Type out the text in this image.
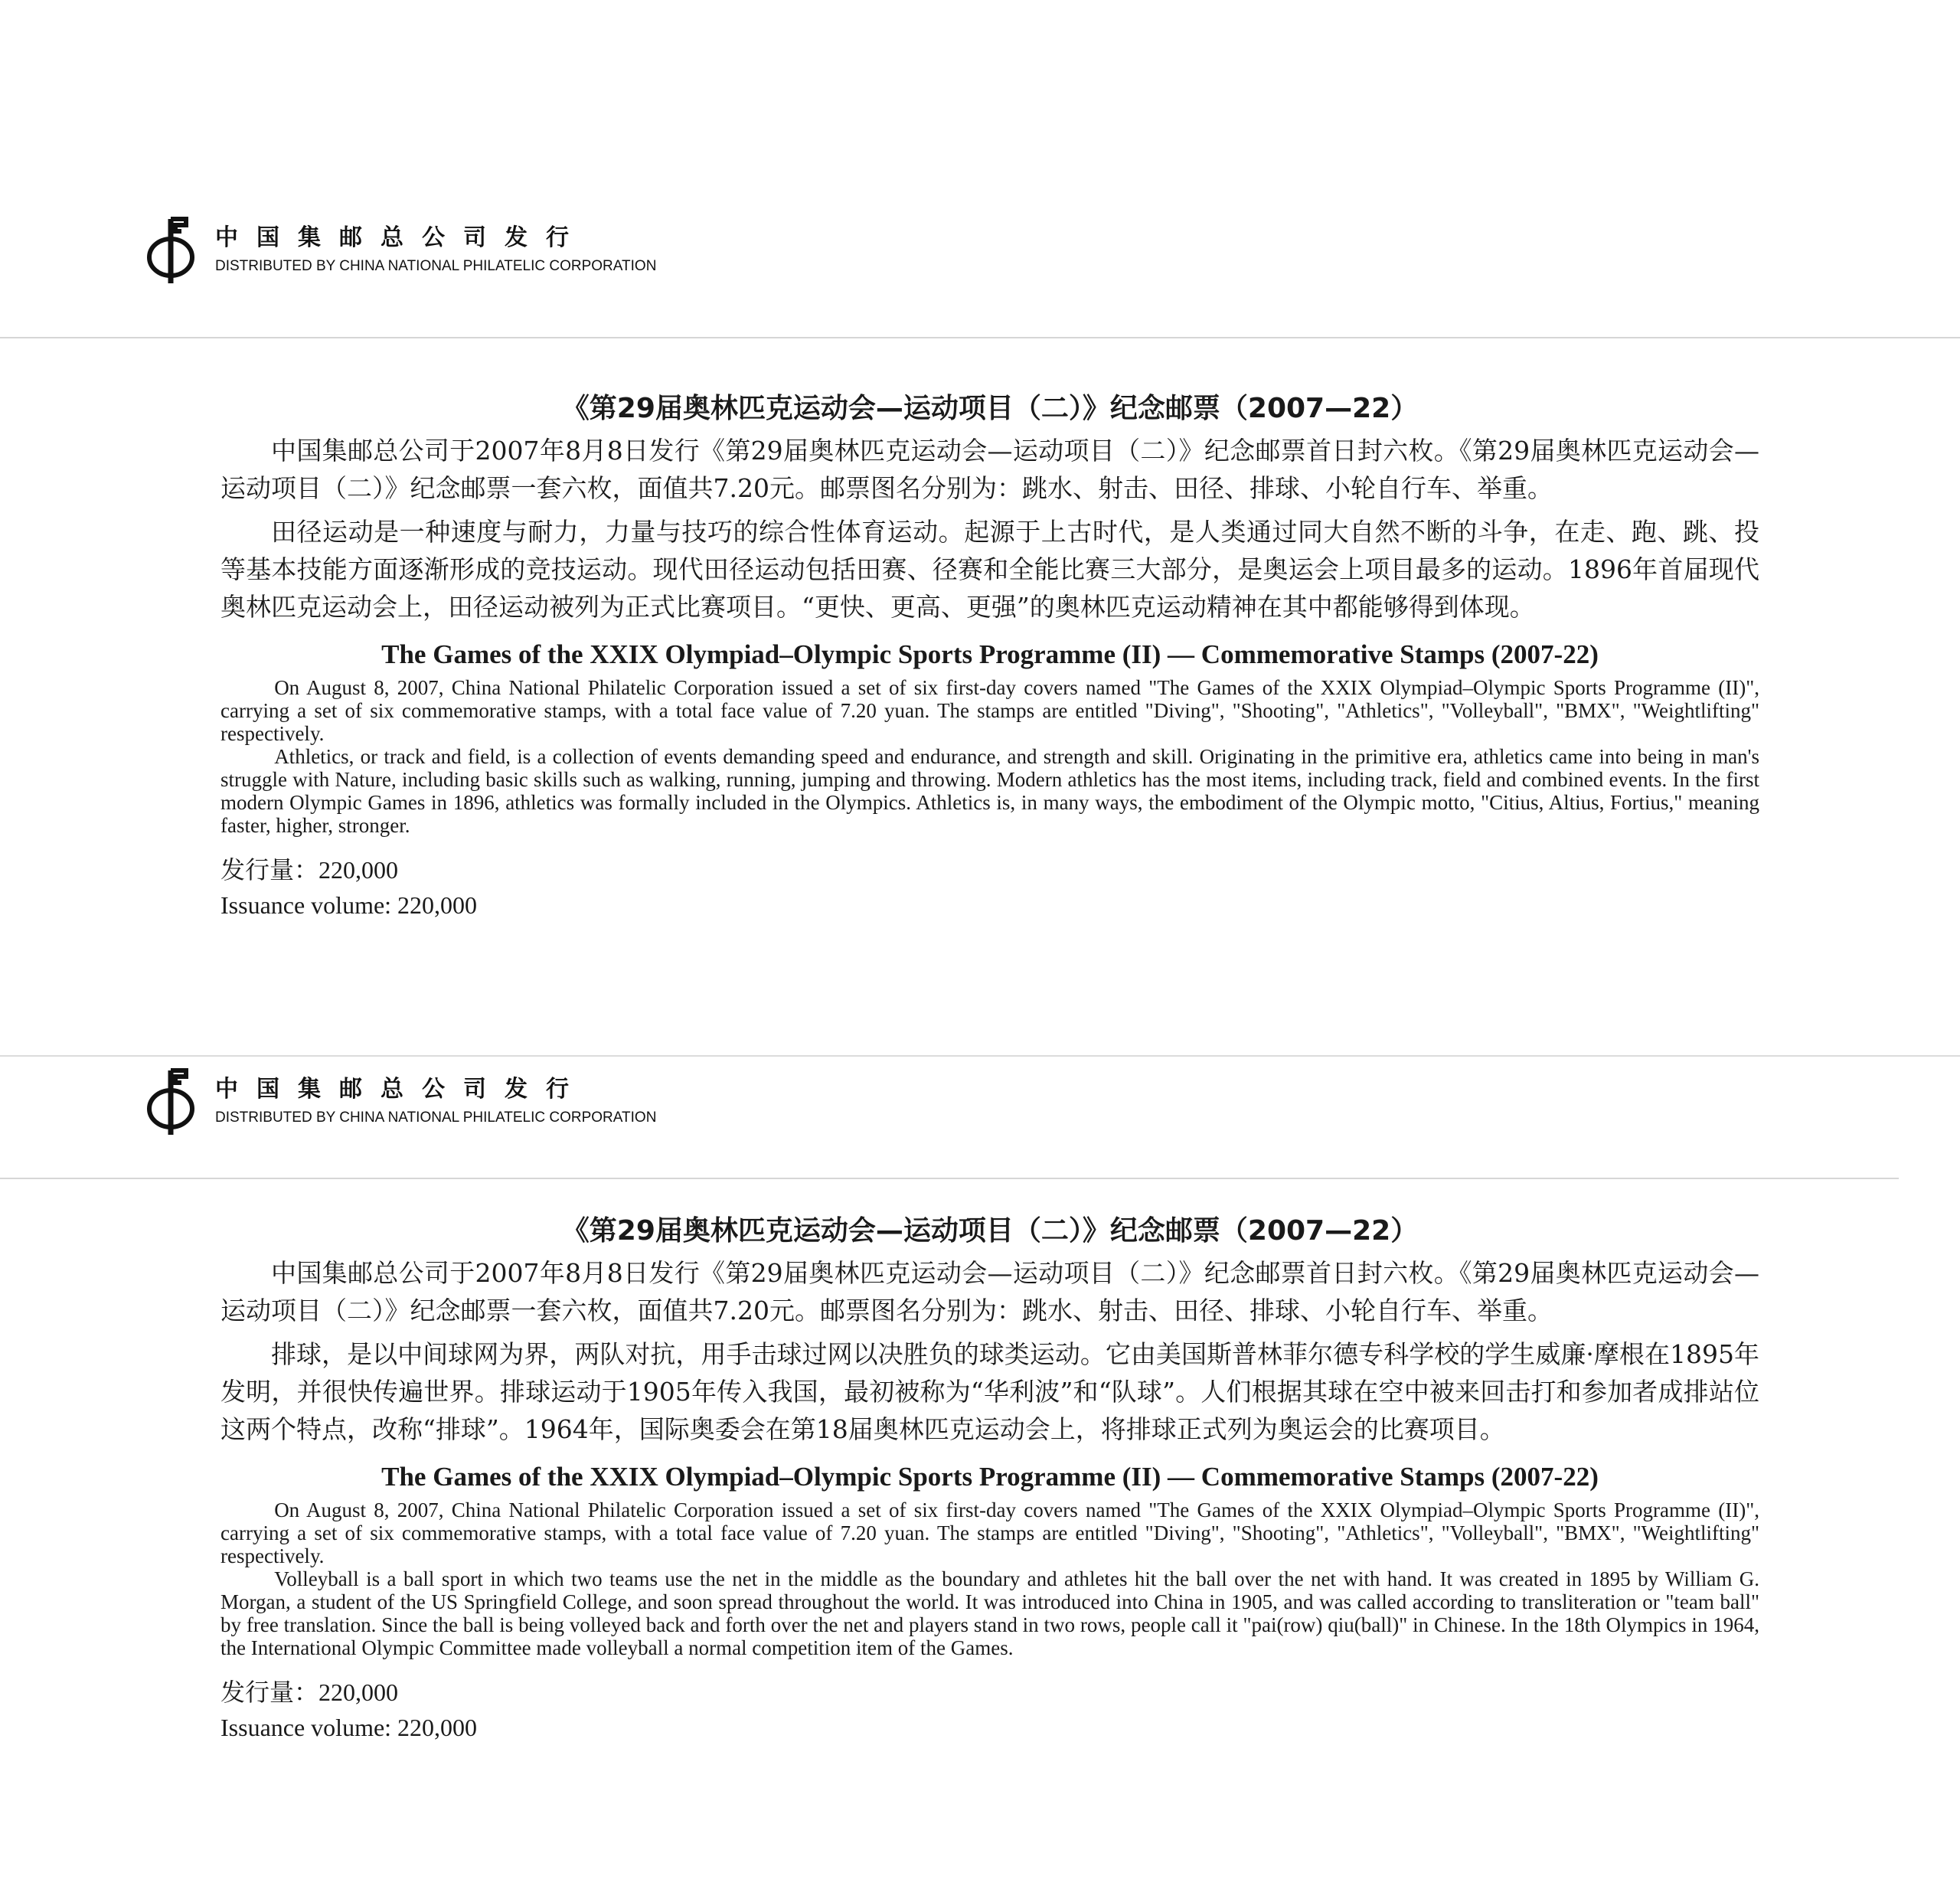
中国集邮总公司发行
DISTRIBUTED BY CHINA NATIONAL PHILATELIC CORPORATION
《第29届奥林匹克运动会—运动项目（二）》纪念邮票（2007—22）

中国集邮总公司于2007年8月8日发行《第29届奥林匹克运动会—运动项目（二）》纪念邮票首日封六枚。《第29届奥林匹克运动会—运动项目（二）》纪念邮票一套六枚，面值共7.20元。邮票图名分别为：跳水、射击、田径、排球、小轮自行车、举重。

田径运动是一种速度与耐力，力量与技巧的综合性体育运动。起源于上古时代，是人类通过同大自然不断的斗争，在走、跑、跳、投等基本技能方面逐渐形成的竞技运动。现代田径运动包括田赛、径赛和全能比赛三大部分，是奥运会上项目最多的运动。1896年首届现代奥林匹克运动会上，田径运动被列为正式比赛项目。“更快、更高、更强”的奥林匹克运动精神在其中都能够得到体现。

The Games of the XXIX Olympiad–Olympic Sports Programme (II) — Commemorative Stamps (2007-22)

On August 8, 2007, China National Philatelic Corporation issued a set of six first-day covers named "The Games of the XXIX Olympiad–Olympic Sports Programme (II)", carrying a set of six commemorative stamps, with a total face value of 7.20 yuan. The stamps are entitled "Diving", "Shooting", "Athletics", "Volleyball", "BMX", "Weightlifting" respectively.

Athletics, or track and field, is a collection of events demanding speed and endurance, and strength and skill. Originating in the primitive era, athletics came into being in man's struggle with Nature, including basic skills such as walking, running, jumping and throwing. Modern athletics has the most items, including track, field and combined events. In the first modern Olympic Games in 1896, athletics was formally included in the Olympics. Athletics is, in many ways, the embodiment of the Olympic motto, "Citius, Altius, Fortius," meaning faster, higher, stronger.

发行量：220,000

Issuance volume: 220,000

中国集邮总公司发行
DISTRIBUTED BY CHINA NATIONAL PHILATELIC CORPORATION
《第29届奥林匹克运动会—运动项目（二）》纪念邮票（2007—22）

中国集邮总公司于2007年8月8日发行《第29届奥林匹克运动会—运动项目（二）》纪念邮票首日封六枚。《第29届奥林匹克运动会—运动项目（二）》纪念邮票一套六枚，面值共7.20元。邮票图名分别为：跳水、射击、田径、排球、小轮自行车、举重。

排球，是以中间球网为界，两队对抗，用手击球过网以决胜负的球类运动。它由美国斯普林菲尔德专科学校的学生威廉·摩根在1895年发明，并很快传遍世界。排球运动于1905年传入我国，最初被称为“华利波”和“队球”。人们根据其球在空中被来回击打和参加者成排站位这两个特点，改称“排球”。1964年，国际奥委会在第18届奥林匹克运动会上，将排球正式列为奥运会的比赛项目。

The Games of the XXIX Olympiad–Olympic Sports Programme (II) — Commemorative Stamps (2007-22)

On August 8, 2007, China National Philatelic Corporation issued a set of six first-day covers named "The Games of the XXIX Olympiad–Olympic Sports Programme (II)", carrying a set of six commemorative stamps, with a total face value of 7.20 yuan. The stamps are entitled "Diving", "Shooting", "Athletics", "Volleyball", "BMX", "Weightlifting" respectively.

Volleyball is a ball sport in which two teams use the net in the middle as the boundary and athletes hit the ball over the net with hand. It was created in 1895 by William G. Morgan, a student of the US Springfield College, and soon spread throughout the world. It was introduced into China in 1905, and was called according to transliteration or "team ball" by free translation. Since the ball is being volleyed back and forth over the net and players stand in two rows, people call it "pai(row) qiu(ball)" in Chinese. In the 18th Olympics in 1964, the International Olympic Committee made volleyball a normal competition item of the Games.

发行量：220,000

Issuance volume: 220,000
